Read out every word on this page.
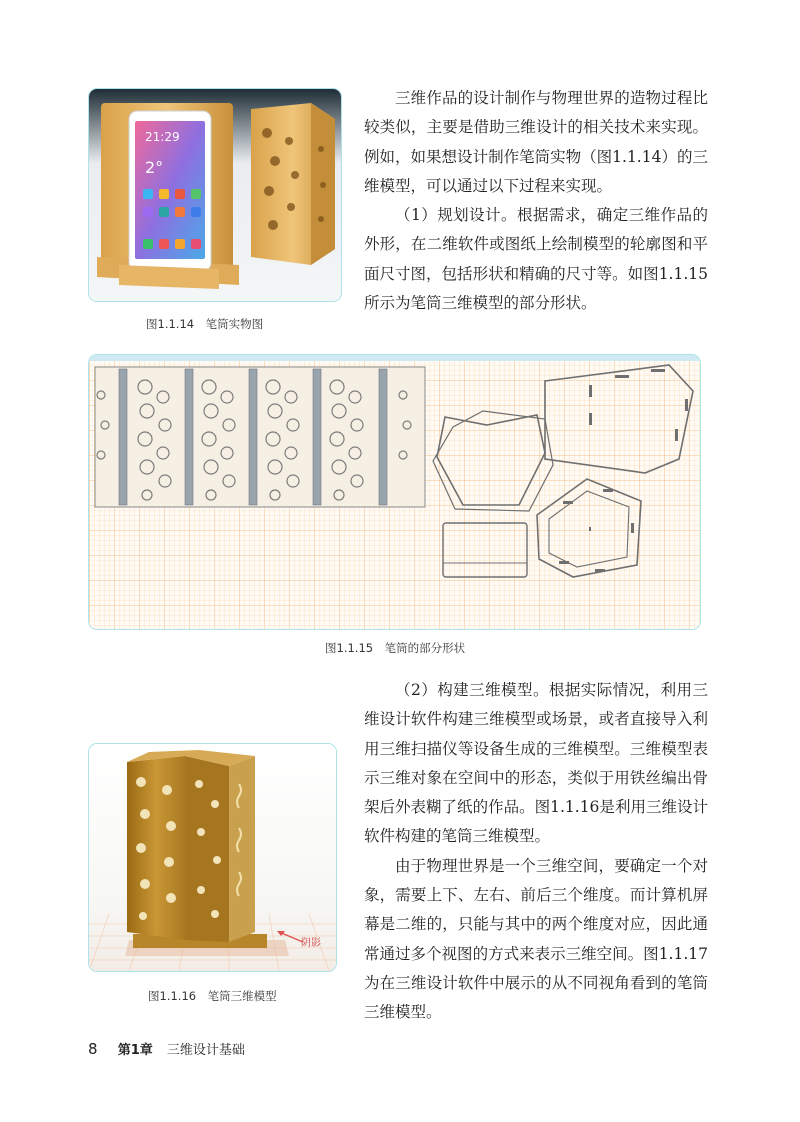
三维作品的设计制作与物理世界的造物过程比较类似，主要是借助三维设计的相关技术来实现。例如，如果想设计制作笔筒实物（图1.1.14）的三维模型，可以通过以下过程来实现。

（1）规划设计。根据需求，确定三维作品的外形，在二维软件或图纸上绘制模型的轮廓图和平面尺寸图，包括形状和精确的尺寸等。如图1.1.15所示为笔筒三维模型的部分形状。

21:29
2°
图1.1.14　笔筒实物图
图1.1.15　笔筒的部分形状

（2）构建三维模型。根据实际情况，利用三维设计软件构建三维模型或场景，或者直接导入利用三维扫描仪等设备生成的三维模型。三维模型表示三维对象在空间中的形态，类似于用铁丝编出骨架后外表糊了纸的作品。图1.1.16是利用三维设计软件构建的笔筒三维模型。

由于物理世界是一个三维空间，要确定一个对象，需要上下、左右、前后三个维度。而计算机屏幕是二维的，只能与其中的两个维度对应，因此通常通过多个视图的方式来表示三维空间。图1.1.17为在三维设计软件中展示的从不同视角看到的笔筒三维模型。

阴影
图1.1.16　笔筒三维模型
8 第1章 三维设计基础
